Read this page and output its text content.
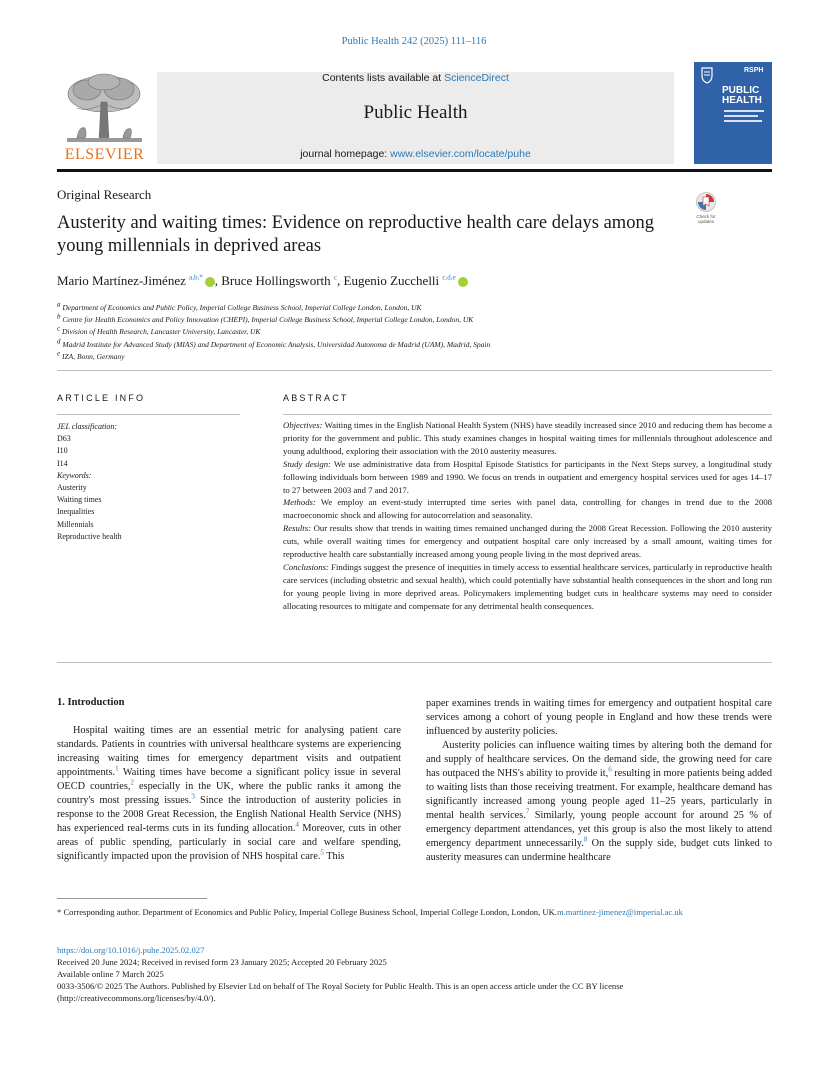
Public Health 242 (2025) 111–116
ELSEVIER
Contents lists available at ScienceDirect
Public Health
journal homepage: www.elsevier.com/locate/puhe
RSPH
PUBLIC
HEALTH
Original Research
Check for updates
Austerity and waiting times: Evidence on reproductive health care delays among young millennials in deprived areas
Mario Martínez-Jiménez $^{a,b,*}$ , Bruce Hollingsworth $^c$, Eugenio Zucchelli $^{c,d,e}$
a Department of Economics and Public Policy, Imperial College Business School, Imperial College London, London, UK
b Centre for Health Economics and Policy Innovation (CHEPI), Imperial College Business School, Imperial College London, London, UK
c Division of Health Research, Lancaster University, Lancaster, UK
d Madrid Institute for Advanced Study (MIAS) and Department of Economic Analysis, Universidad Autonoma de Madrid (UAM), Madrid, Spain
e IZA, Bonn, Germany
ARTICLE INFO
JEL classification:
D63
I10
I14
Keywords:
Austerity
Waiting times
Inequalities
Millennials
Reproductive health
ABSTRACT

Objectives: Waiting times in the English National Health System (NHS) have steadily increased since 2010 and reducing them has become a priority for the government and public. This study examines changes in hospital waiting times for millennials throughout adolescence and young adulthood, exploring their association with the 2010 austerity measures.

Study design: We use administrative data from Hospital Episode Statistics for participants in the Next Steps survey, a longitudinal study following individuals born between 1989 and 1990. We focus on trends in outpatient and emergency hospital services used for ages 14–17 to 27 between 2003 and 7 and 2017.

Methods: We employ an event-study interrupted time series with panel data, controlling for changes in trend due to the 2008 macroeconomic shock and allowing for autocorrelation and seasonality.

Results: Our results show that trends in waiting times remained unchanged during the 2008 Great Recession. Following the 2010 austerity cuts, while overall waiting times for emergency and outpatient hospital care only increased by a small amount, waiting times for reproductive health care substantially increased among young people living in the most deprived areas.

Conclusions: Findings suggest the presence of inequities in timely access to essential healthcare services, particularly in reproductive health care services (including obstetric and sexual health), which could potentially have substantial health consequences in the short and long run for young people living in more deprived areas. Policymakers implementing budget cuts in healthcare systems may need to consider allocating resources to mitigate and compensate for any detrimental health consequences.

1. Introduction

Hospital waiting times are an essential metric for analysing patient care standards. Patients in countries with universal healthcare systems are experiencing increasing waiting times for emergency department visits and outpatient appointments.$^1$ Waiting times have become a significant policy issue in several OECD countries,$^2$ especially in the UK, where the public ranks it among the country's most pressing issues.$^3$ Since the introduction of austerity policies in response to the 2008 Great Recession, the English National Health Service (NHS) has experienced real-terms cuts in its funding allocation.$^4$ Moreover, cuts in other areas of public spending, particularly in social care and welfare spending, significantly impacted upon the provision of NHS hospital care.$^5$ This

paper examines trends in waiting times for emergency and outpatient hospital care services among a cohort of young people in England and how these trends were influenced by austerity policies.

Austerity policies can influence waiting times by altering both the demand for and supply of healthcare services. On the demand side, the growing need for care has outpaced the NHS's ability to provide it,$^6$ resulting in more patients being added to waiting lists than those receiving treatment. For example, healthcare demand has significantly increased among young people aged 11–25 years, particularly in mental health services.$^7$ Similarly, young people account for around 25 % of emergency department attendances, yet this group is also the most likely to attend emergency department unnecessarily.$^8$ On the supply side, budget cuts linked to austerity measures can undermine healthcare

* Corresponding author. Department of Economics and Public Policy, Imperial College Business School, Imperial College London, London, UK.m.martinez-jimenez@imperial.ac.uk
https://doi.org/10.1016/j.puhe.2025.02.027
Received 20 June 2024; Received in revised form 23 January 2025; Accepted 20 February 2025
Available online 7 March 2025
0033-3506/© 2025 The Authors. Published by Elsevier Ltd on behalf of The Royal Society for Public Health. This is an open access article under the CC BY license (http://creativecommons.org/licenses/by/4.0/).
